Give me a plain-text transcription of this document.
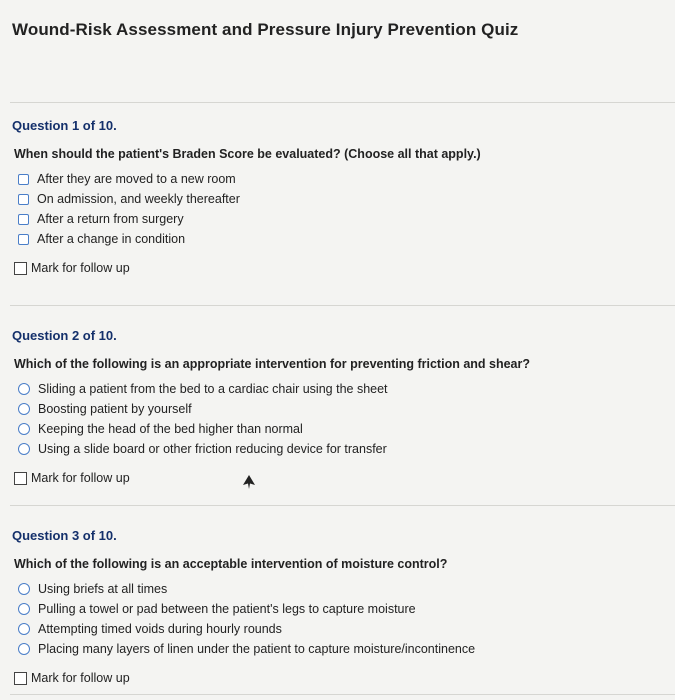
Wound-Risk Assessment and Pressure Injury Prevention Quiz
Question 1 of 10.
When should the patient's Braden Score be evaluated? (Choose all that apply.)
After they are moved to a new room
On admission, and weekly thereafter
After a return from surgery
After a change in condition
Mark for follow up
Question 2 of 10.
Which of the following is an appropriate intervention for preventing friction and shear?
Sliding a patient from the bed to a cardiac chair using the sheet
Boosting patient by yourself
Keeping the head of the bed higher than normal
Using a slide board or other friction reducing device for transfer
Mark for follow up
Question 3 of 10.
Which of the following is an acceptable intervention of moisture control?
Using briefs at all times
Pulling a towel or pad between the patient's legs to capture moisture
Attempting timed voids during hourly rounds
Placing many layers of linen under the patient to capture moisture/incontinence
Mark for follow up
